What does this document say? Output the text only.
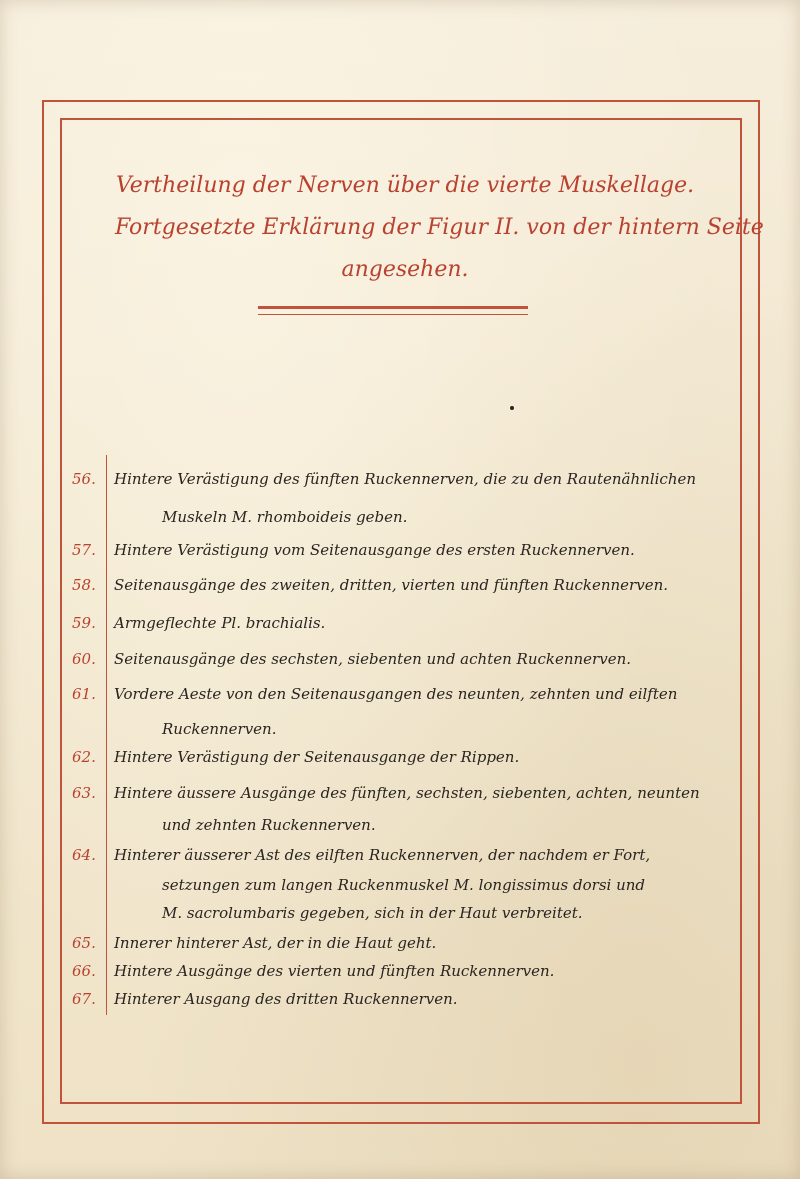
Vertheilung der Nerven über die vierte Muskellage.
Fortgesetzte Erklärung der Figur II. von der hintern Seite
angesehen.
56.	Hintere Verästigung des fünften Ruckennerven, die zu den Rautenähnlichen
Muskeln M. rhomboideis geben.
57.	Hintere Verästigung vom Seitenausgange des ersten Ruckennerven.
58.	Seitenausgänge des zweiten, dritten, vierten und fünften Ruckennerven.
59.	Armgeflechte Pl. brachialis.
60.	Seitenausgänge des sechsten, siebenten und achten Ruckennerven.
61.	Vordere Aeste von den Seitenausgangen des neunten, zehnten und eilften
Ruckennerven.
62.	Hintere Verästigung der Seitenausgange der Rippen.
63.	Hintere äussere Ausgänge des fünften, sechsten, siebenten, achten, neunten
und zehnten Ruckennerven.
64.	Hinterer äusserer Ast des eilften Ruckennerven, der nachdem er Fort,
setzungen zum langen Ruckenmuskel M. longissimus dorsi und
M. sacrolumbaris gegeben, sich in der Haut verbreitet.
65.	Innerer hinterer Ast, der in die Haut geht.
66.	Hintere Ausgänge des vierten und fünften Ruckennerven.
67.	Hinterer Ausgang des dritten Ruckennerven.
